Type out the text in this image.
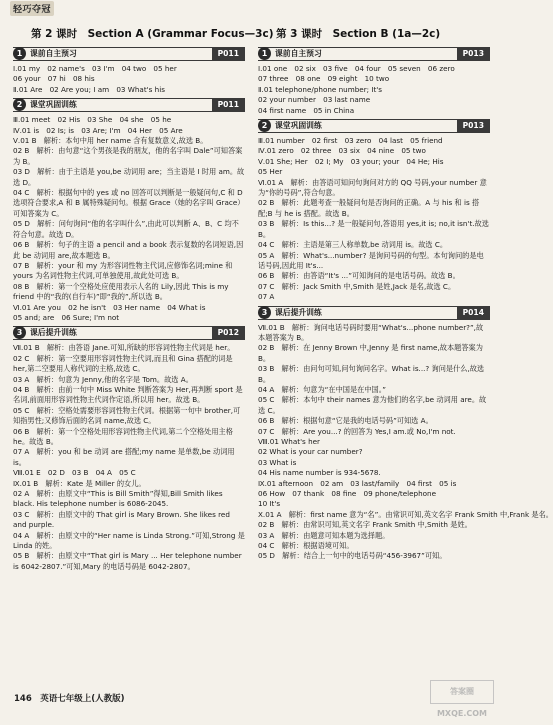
轻巧夺冠
第 2 课时　Section A (Grammar Focus—3c)
1 课前自主预习	P011
Ⅰ.01 my　02 name's　03 I'm　04 two　05 her
06 your　07 hi　08 his
Ⅱ.01 Are　02 Are you; I am　03 What's his
2 课堂巩固训练	P011
Ⅲ.01 meet　02 His　03 She　04 she　05 he
Ⅳ.01 is　02 Is; is　03 Are; I'm　04 Her　05 Are
Ⅴ.01 B　解析：本句中用 her name 含有复数意义,故选 B。
02 B　解析：由句意“这个男孩是我的朋友，他的名字叫 Dale”可知答案为 B。
03 D　解析：由于主语是 you,be 动词用 are；当主语是 I 时用 am。故选 D。
04 C　解析：根据句中的 yes 或 no 回答可以判断是一般疑问句,C 和 D 选项符合要求,A 和 B 属特殊疑问句。根据 Grace（她的名字叫 Grace）可知答案为 C。
05 D　解析：问句询问“他的名字叫什么”,由此可以判断 A、B、C 均不符合句意。故选 D。
06 B　解析：句子的主语 a pencil and a book 表示复数的名词短语,因此 be 动词用 are,故本题选 B。
07 B　解析：your 和 my 为形容词性物主代词,应修饰名词;mine 和 yours 为名词性物主代词,可单独使用,故此处可选 B。
08 B　解析：第一个空格处应使用表示人名的 Lily,因此 This is my friend 中的“我的(自行车)”即“我的”,所以选 B。
Ⅵ.01 Are you　02 he isn't　03 Her name　04 What is
05 and; are　06 Sure; I'm not
3 课后提升训练	P012
Ⅶ.01 B　解析：由答语 Jane.可知,所缺的形容词性物主代词是 her。
02 C　解析：第一空要用形容词性物主代词,而且和 Gina 搭配的词是 her,第二空要用人称代词的主格,故选 C。
03 A　解析：句意为 Jenny,他的名字是 Tom。故选 A。
04 B　解析：由前一句中 Miss White 判断答案为 Her,再判断 sport 是名词,前面用形容词性物主代词作定语,所以用 her。故选 B。
05 C　解析：空格处需要形容词性物主代词。根据第一句中 brother,可知指男性;又修饰后面的名词 name,故选 C。
06 B　解析：第一个空格处用形容词性物主代词,第二个空格处用主格 he。故选 B。
07 A　解析：you 和 be 动词 are 搭配;my name 是单数,be 动词用 is。
Ⅷ.01 E　02 D　03 B　04 A　05 C
Ⅸ.01 B　解析：Kate 是 Miller 的女儿。
02 A　解析：由原文中“This is Bill Smith”得知,Bill Smith likes black. His telephone number is 6086-2045.
03 C　解析：由原文中的 That girl is Mary Brown. She likes red and purple.
04 A　解析：由原文中的“Her name is Linda Strong.”可知,Strong 是 Linda 的姓。
05 B　解析：由原文中“That girl is Mary ... Her telephone number is 6042-2807.”可知,Mary 的电话号码是 6042-2807。
第 3 课时　Section B (1a—2c)
1 课前自主预习	P013
Ⅰ.01 one　02 six　03 five　04 four　05 seven　06 zero
07 three　08 one　09 eight　10 two
Ⅱ.01 telephone/phone number; It's
02 your number　03 last name
04 first name　05 in China
2 课堂巩固训练	P013
Ⅲ.01 number　02 first　03 zero　04 last　05 friend
Ⅳ.01 zero　02 three　03 six　04 nine　05 two
Ⅴ.01 She; Her　02 I; My　03 your; your　04 He; His
05 Her
Ⅵ.01 A　解析：由答语可知问句询问对方的 QQ 号码,your number 意为“你的号码”,符合句意。
02 B　解析：此题考查一般疑问句是否询问的正确。A 与 his 和 is 搭配;B 与 he is 搭配。故选 B。
03 B　解析：Is this...? 是一般疑问句,答语用 yes,it is; no,it isn't.故选 B。
04 C　解析：主语是第三人称单数,be 动词用 is。故选 C。
05 A　解析：What's...number? 是询问号码的句型。本句询问的是电话号码,因此用 It's...
06 B　解析：由答语“It's ...”可知询问的是电话号码。故选 B。
07 C　解析：Jack Smith 中,Smith 是姓,Jack 是名,故选 C。
07 A
3 课后提升训练	P014
Ⅶ.01 B　解析：询问电话号码时要用“What's...phone number?”,故本题答案为 B。
02 B　解析：在 Jenny Brown 中,Jenny 是 first name,故本题答案为 B。
03 B　解析：由问句可知,问句询问名字。What is...? 询问是什么,故选 B。
04 A　解析：句意为“在中国是在中国。”
05 C　解析：本句中 their names 意为他们的名字,be 动词用 are。故选 C。
06 B　解析：根据句意“它是我的电话号码”可知选 A。
07 C　解析：Are you...? 的回答为 Yes,I am.或 No,I'm not.
Ⅷ.01 What's her
02 What is your car number?
03 What is
04 His name number is 934-5678.
Ⅸ.01 afternoon　02 am　03 last/family　04 first　05 is
06 How　07 thank　08 fine　09 phone/telephone
10 It's
Ⅹ.01 A　解析：first name 意为“名”。由常识可知,英文名字 Frank Smith 中,Frank 是名。
02 B　解析：由常识可知,英文名字 Frank Smith 中,Smith 是姓。
03 A　解析：由题意可知本题为选择题。
04 C　解析：根据语境可知。
05 D　解析：结合上一句中的电话号码“456-3967”可知。
146　英语七年级上(人教版)
答案圈 MXQE.COM
